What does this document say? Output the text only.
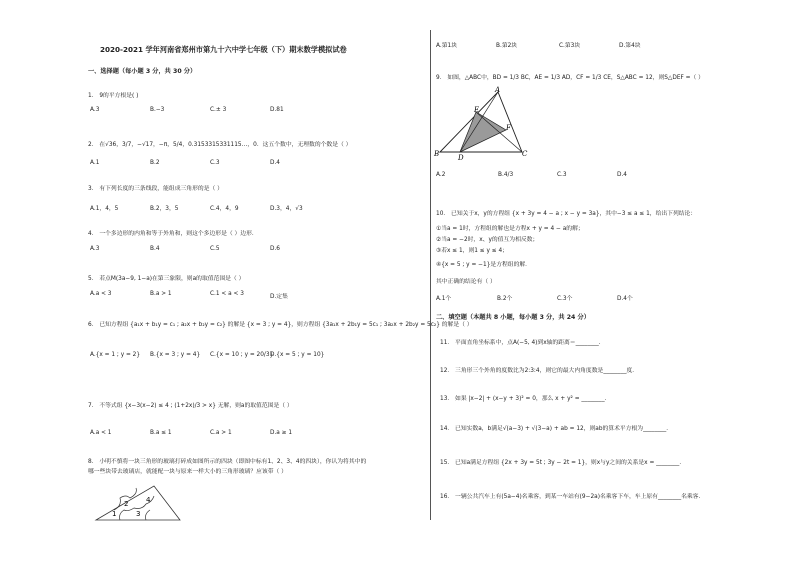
2020-2021 学年河南省郑州市第九十六中学七年级（下）期末数学模拟试卷
一、选择题（每小题 3 分，共 30 分）
1． 9的平方根是( )
A.3	B.−3	C.± 3	D.81
2． 在√36，3/7，−√17，−π，5/4，0.3153315331115…，0．这五个数中，无理数的个数是（ ）
A.1	B.2	C.3	D.4
3． 有下列长度的三条线段，能组成三角形的是（ ）
A.1，4，5	B.2，3，5	C.4，4，9	D.3，4，√3
4． 一个多边形的内角和等于外角和，则这个多边形是（ ）边形．
A.3	B.4	C.5	D.6
5． 若点M(3a−9, 1−a)在第三象限，则a的取值范围是（ ）
A.a < 3	B.a > 1	C.1 < a < 3	D.定集
6． 已知方程组 {a₁x + b₁y = c₁ ; a₂x + b₂y = c₂} 的解是 {x = 3 ; y = 4}，则方程组 {3a₁x + 2b₁y = 5c₁ ; 3a₂x + 2b₂y = 5c₂} 的解是（ ）
A.{x = 1 ; y = 2} B.{x = 3 ; y = 4} C.{x = 10 ; y = 20/3}
D.{x = 5 ; y = 10}
7． 不等式组 {x−3(x−2) ≤ 4 ; (1+2x)/3 > x} 无解，则a的取值范围是（ ）
A.a < 1	B.a ≤ 1	C.a > 1	D.a ≥ 1
8． 小明不慎将一块三角形的玻璃打碎成如图所示的四块（即图中标有1、2、3、4的四块），你认为将其中的
哪一些块带去玻璃店，就能配一块与原来一样大小的三角形玻璃？应该带（ ）
1
2
3
4
A.第1块	B.第2块	C.第3块	D.第4块
9． 如图，△ABC中，BD = 1/3 BC，AE = 1/3 AD，CF = 1/3 CE，S△ABC = 12，则S△DEF =（ ）
A
B	C
D
E
F
A.2	B.4/3	C.3	D.4
10． 已知关于x，y的方程组 {x + 3y = 4 − a ; x − y = 3a}，其中−3 ≤ a ≤ 1，给出下列结论：
①当a = 1时，方程组的解也是方程x + y = 4 − a的解；
②当a = −2时，x、y的值互为相反数；
③若x ≤ 1，则1 ≤ y ≤ 4；
④{x = 5 ; y = −1}是方程组的解．
其中正确的结论有（ ）
A.1个	B.2个	C.3个	D.4个
二、填空题（本题共 8 小题，每小题 3 分，共 24 分）
11． 平面直角坐标系中，点A(−5, 4)到x轴的距离＝________．
12． 三角形三个外角的度数比为2:3:4，则它的最大内角度数是________度．
13． 如果 |x−2| + (x−y + 3)² = 0，那么 x + y² = ________．
14． 已知实数a，b满足√(a−3) + √(3−a) + ab = 12，则ab的算术平方根为________．
15． 已知a满足方程组 {2x + 3y = 5t ; 3y − 2t = 1}，则x与y之间的关系是x = ________．
16． 一辆公共汽车上有(5a−4)名乘客，到某一车站有(9−2a)名乘客下车，车上原有________名乘客．
